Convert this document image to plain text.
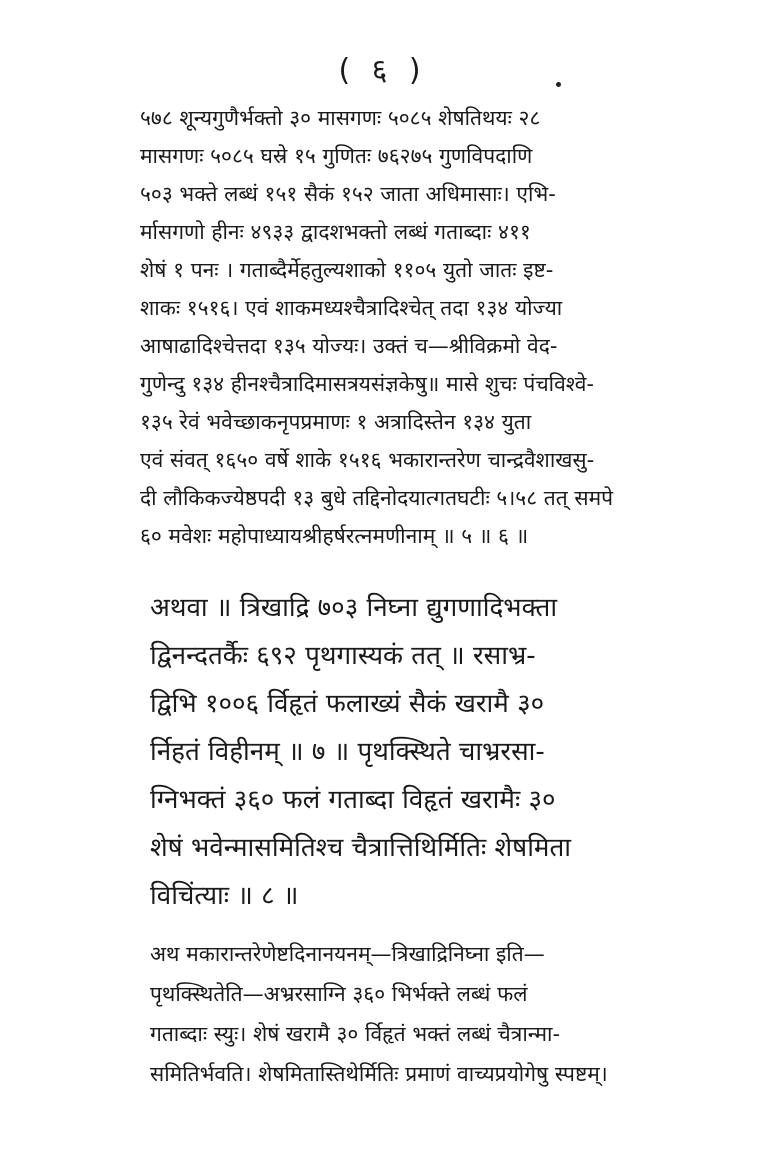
( ६ )
५७८ शून्यगुणैर्भक्तो ३० मासगणः ५०८५ शेषतिथयः २८
मासगणः ५०८५ घस्रे १५ गुणितः ७६२७५ गुणविपदाणि
५०३ भक्ते लब्धं १५१ सैकं १५२ जाता अधिमासाः। एभि-
र्मासगणो हीनः ४९३३ द्वादशभक्तो लब्धं गताब्दाः ४११
शेषं १ पनः । गताब्दैर्मेहतुल्यशाको ११०५ युतो जातः इष्ट-
शाकः १५१६। एवं शाकमध्यश्चैत्रादिश्चेत् तदा १३४ योज्या
आषाढादिश्चेत्तदा १३५ योज्यः। उक्तं च—श्रीविक्रमो वेद-
गुणेन्दु १३४ हीनश्चैत्रादिमासत्रयसंज्ञकेषु॥ मासे शुचः पंचविश्वे-
१३५ रेवं भवेच्छाकनृपप्रमाणः १ अत्रादिस्तेन १३४ युता
एवं संवत् १६५० वर्षे शाके १५१६ भकारान्तरेण चान्द्रवैशाखसु-
दी लौकिकज्येष्ठपदी १३ बुधे तद्दिनोदयात्गतघटीः ५।५८ तत् समपे
६० मवेशः महोपाध्यायश्रीहर्षरत्नमणीनाम् ॥ ५ ॥ ६ ॥
अथवा ॥ त्रिखाद्रि ७०३ निघ्ना द्युगणादिभक्ता
द्विनन्दतर्कैः ६९२ पृथगास्यकं तत् ॥ रसाभ्र-
द्विभि १००६ र्विहृतं फलाख्यं सैकं खरामै ३०
र्निहतं विहीनम् ॥ ७ ॥ पृथक्स्थिते चाभ्ररसा-
ग्निभक्तं ३६० फलं गताब्दा विहृतं खरामैः ३०
शेषं भवेन्मासमितिश्च चैत्रात्तिथिर्मितिः शेषमिता
विचिंत्याः ॥ ८ ॥
अथ मकारान्तरेणेष्टदिनानयनम्—त्रिखाद्रिनिघ्ना इति—
पृथक्स्थितेति—अभ्ररसाग्नि ३६० भिर्भक्ते लब्धं फलं
गताब्दाः स्युः। शेषं खरामै ३० र्विहृतं भक्तं लब्धं चैत्रान्मा-
समितिर्भवति। शेषमितास्तिथेर्मितिः प्रमाणं वाच्यप्रयोगेषु स्पष्टम्।
